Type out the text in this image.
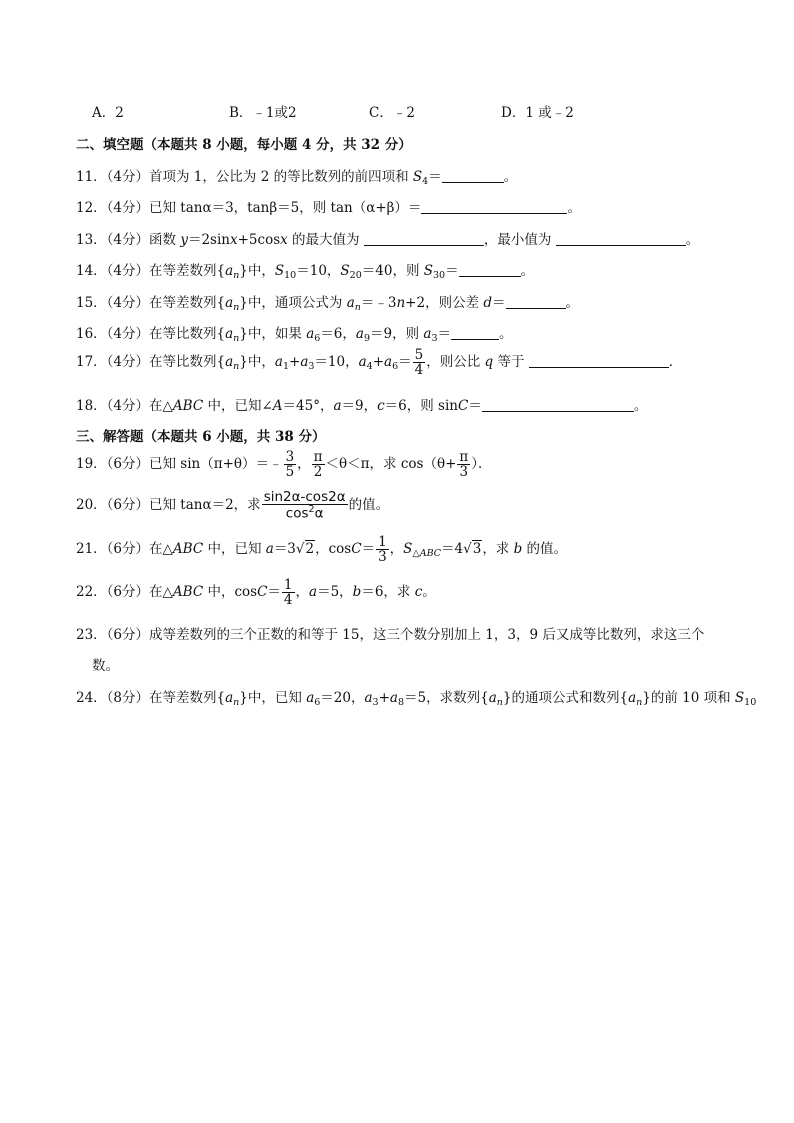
A．2	B．﹣1或2	C．﹣2	D．1 或﹣2
二、填空题（本题共 8 小题，每小题 4 分，共 32 分）
11．（4分）首项为 1，公比为 2 的等比数列的前四项和 $S_4=$	。
12．（4分）已知 tanα＝3，tanβ＝5，则 tan（α+β）＝	。
13．（4分）函数 y＝2sinx+5cosx 的最大值为	，最小值为	。
14．（4分）在等差数列$\{a_n\}$中，$S_{10}=10$，$S_{20}=40$，则 $S_{30}=$	。
15．（4分）在等差数列$\{a_n\}$中，通项公式为 $a_n=﹣3n+2$，则公差 d＝	。
16．（4分）在等比数列$\{a_n\}$中，如果 $a_6=6$，$a_9=9$，则 $a_3=$	。
17．（4分）在等比数列$\{a_n\}$中，$a_1+a_3=10$，$a_4+a_6= \frac{5}{4}$ ，则公比 q 等于	．
18．（4分）在△ABC 中，已知∠A＝45°，a＝9，c＝6，则 sinC＝	。
三、解答题（本题共 6 小题，共 38 分）
19．（6分）已知 sin（π+θ）＝﹣ $\frac{3}{5}$ ， $\frac{\pi}{2} <\theta<\pi$，求 $\cos(\theta+ \frac{\pi}{3}$ ）．
20．（6分）已知 tanα＝2，求 $\frac{\sin 2\alpha-\cos 2\alpha}{\cos^2\alpha}$ 的值。
21．（6分）在△ABC 中，已知 a＝3√2，$\cos C= \frac{1}{3}$ ，$S_{\triangle ABC}=4√3$，求 b 的值。
22．（6分）在△ABC 中，$\cos C= \frac{1}{4}$ ，a＝5，b＝6，求 c。
23．（6分）成等差数列的三个正数的和等于 15，这三个数分别加上 1，3，9 后又成等比数列，求这三个
数。
24．（8分）在等差数列$\{a_n\}$中，已知 $a_6=20$，$a_3+a_8=5$，求数列$\{a_n\}$的通项公式和数列$\{a_n\}$的前 10 项和 $S_{10}$
